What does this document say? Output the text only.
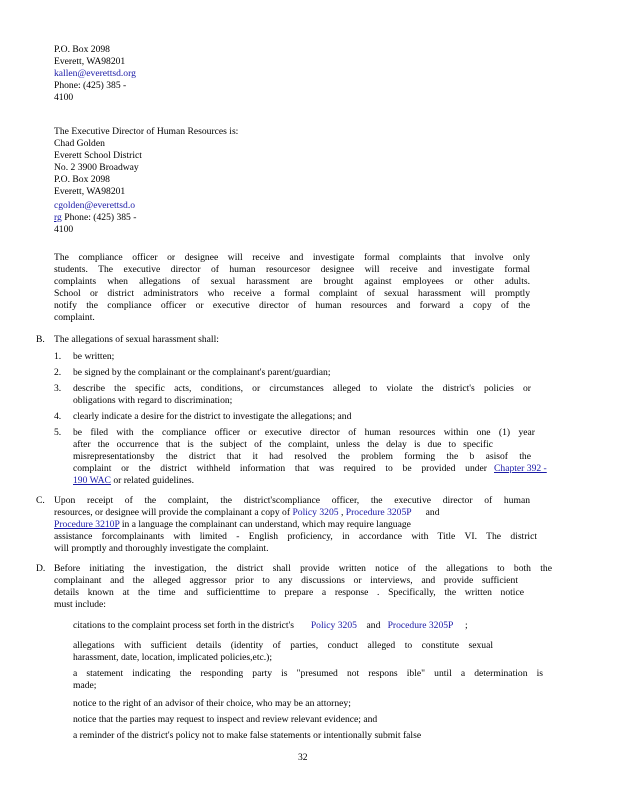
P.O. Box 2098
Everett, WA98201
kallen@everettsd.org
Phone: (425) 385 -
4100
The Executive Director of Human Resources is:
Chad Golden
Everett School District
No. 2 3900 Broadway
P.O. Box 2098
Everett, WA98201
cgolden@everettsd.o
rg Phone: (425) 385 -
4100
The compliance officer or designee will receive and investigate formal complaints that involve only
students. The executive director of human resourcesor designee will receive and investigate formal
complaints when allegations of sexual harassment are brought against employees or other adults.
School or district administrators who receive a formal complaint of sexual harassment will promptly
notify the compliance officer or executive director of human resources and forward a copy of the
complaint.
B. The allegations of sexual harassment shall:
1. be written;
2. be signed by the complainant or the complainant's parent/guardian;
3. describe the specific acts, conditions, or circumstances alleged to violate the district's policies or
obligations with regard to discrimination;
4. clearly indicate a desire for the district to investigate the allegations; and
5. be filed with the compliance officer or executive director of human resources within one (1) year
after the occurrence that is the subject of the complaint, unless the delay is due to specific
misrepresentationsby the district that it had resolved the problem forming the b asisof the
complaint or the district withheld information that was required to be provided under Chapter 392 -
190 WAC or related guidelines.
C. Upon receipt of the complaint, the district'scompliance officer, the executive director of human
resources, or designee will provide the complainant a copy of Policy 3205 , Procedure 3205P and
Procedure 3210P in a language the complainant can understand, which may require language
assistance forcomplainants with limited - English proficiency, in accordance with Title VI. The district
will promptly and thoroughly investigate the complaint.
D. Before initiating the investigation, the district shall provide written notice of the allegations to both the
complainant and the alleged aggressor prior to any discussions or interviews, and provide sufficient
details known at the time and sufficienttime to prepare a response . Specifically, the written notice
must include:
citations to the complaint process set forth in the district's Policy 3205 and Procedure 3205P ;
allegations with sufficient details (identity of parties, conduct alleged to constitute sexual
harassment, date, location, implicated policies,etc.);
a statement indicating the responding party is "presumed not respons ible" until a determination is
made;
notice to the right of an advisor of their choice, who may be an attorney;
notice that the parties may request to inspect and review relevant evidence; and
a reminder of the district's policy not to make false statements or intentionally submit false
32
